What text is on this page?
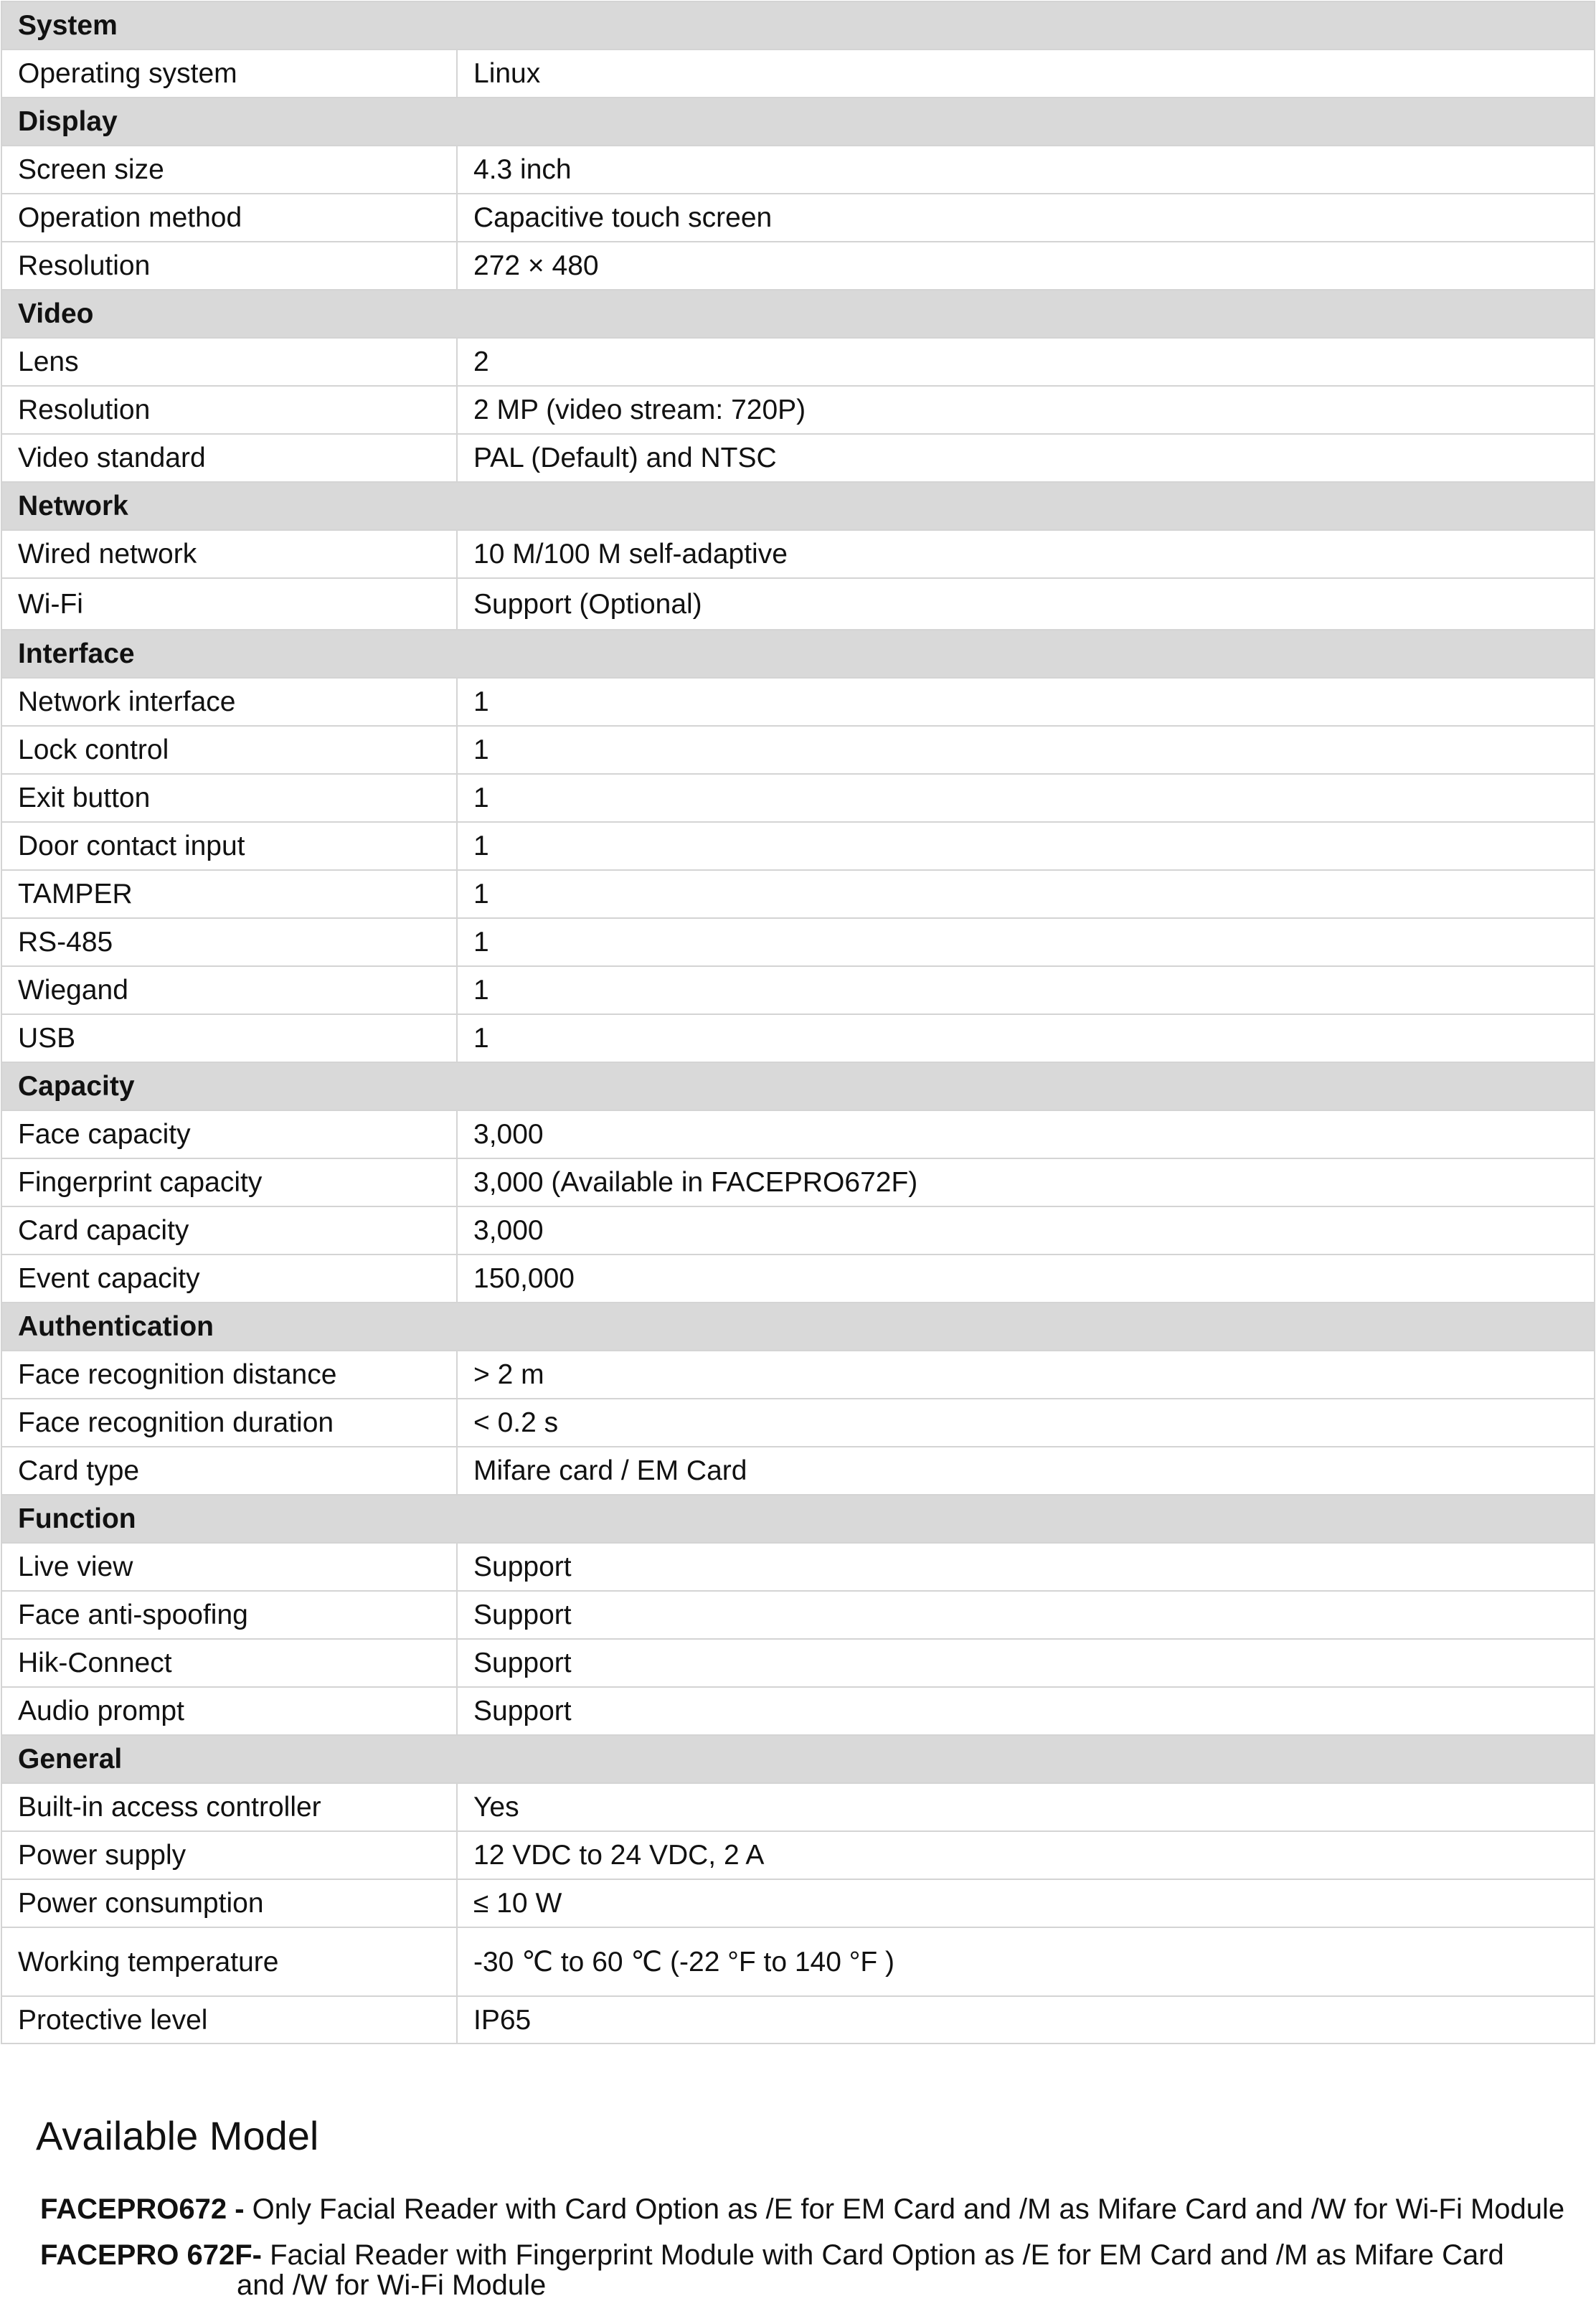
System	
Operating system	Linux
Display	
Screen size	4.3 inch
Operation method	Capacitive touch screen
Resolution	272 × 480
Video	
Lens	2
Resolution	2 MP (video stream: 720P)
Video standard	PAL (Default) and NTSC
Network	
Wired network	10 M/100 M self-adaptive
Wi-Fi	Support (Optional)
Interface	
Network interface	1
Lock control	1
Exit button	1
Door contact input	1
TAMPER	1
RS-485	1
Wiegand	1
USB	1
Capacity	
Face capacity	3,000
Fingerprint capacity	3,000 (Available in FACEPRO672F)
Card capacity	3,000
Event capacity	150,000
Authentication	
Face recognition distance	> 2 m
Face recognition duration	< 0.2 s
Card type	Mifare card / EM Card
Function	
Live view	Support
Face anti-spoofing	Support
Hik-Connect	Support
Audio prompt	Support
General	
Built-in access controller	Yes
Power supply	12 VDC to 24 VDC, 2 A
Power consumption	≤ 10 W
Working temperature	-30 ℃ to 60 ℃ (-22 °F to 140 °F )
Protective level	IP65
Available Model
FACEPRO672 - Only Facial Reader with Card Option as /E for EM Card and /M as Mifare Card and /W for Wi-Fi Module
FACEPRO 672F- Facial Reader with Fingerprint Module with Card Option as /E for EM Card and /M as Mifare Card
and /W for Wi-Fi Module
